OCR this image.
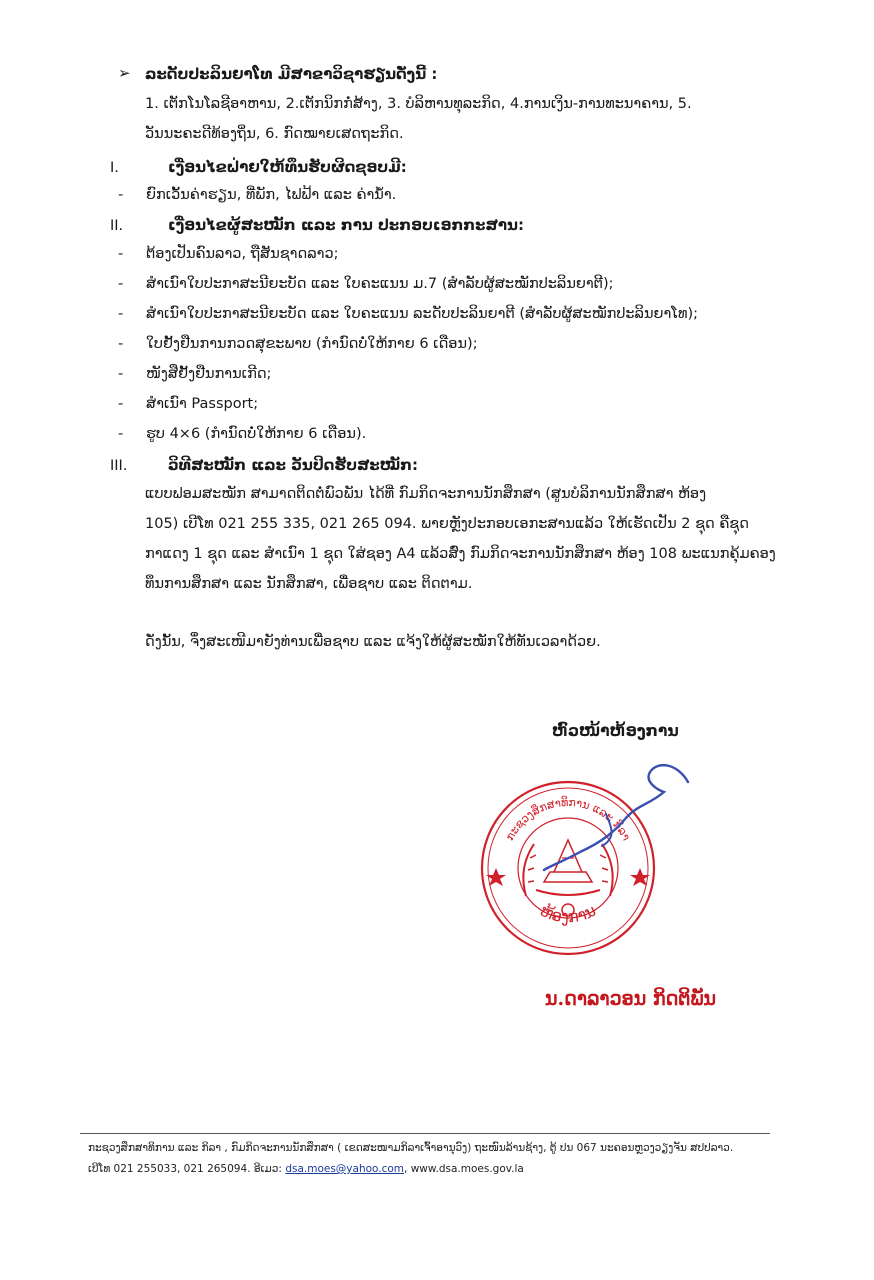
➢ ລະດັບປະລິນຍາໂທ ມີສາຂາວິຊາຮຽນດັ່ງນີ້ :
1. ເຕັກໂນໂລຊີອາຫານ, 2.ເຕັກນິກກໍ່ສ້າງ, 3. ບໍລິຫານທຸລະກິດ, 4.ການເງິນ-ການທະນາຄານ, 5.
ວັນນະຄະດີທ້ອງຖິ່ນ, 6. ກົດໝາຍເສດຖະກິດ.
I.	ເງື່ອນໄຂຝ່າຍໃຫ້ທຶນຮັບຜິດຊອບມີ:
- ຍົກເວັ້ນຄ່າຮຽນ, ທີ່ພັກ, ໄຟຟ້າ ແລະ ຄ່ານ້ຳ.
II.	ເງື່ອນໄຂຜູ້ສະໝັກ ແລະ ການ ປະກອບເອກກະສານ:
- ຕ້ອງເປັນຄົນລາວ, ຖືສັນຊາດລາວ;
- ສຳເນົາໃບປະກາສະນີຍະບັດ ແລະ ໃບຄະແນນ ມ.7 (ສຳລັບຜູ້ສະໝັກປະລິນຍາຕີ);
- ສຳເນົາໃບປະກາສະນີຍະບັດ ແລະ ໃບຄະແນນ ລະດັບປະລິນຍາຕີ (ສຳລັບຜູ້ສະໝັກປະລິນຍາໂທ);
- ໃບຢັ້ງຢືນການກວດສຸຂະພາບ (ກຳນົດບໍ່ໃຫ້ກາຍ 6 ເດືອນ);
- ໜັງສືຢັ້ງຢືນການເກີດ;
- ສຳເນົາ Passport;
- ຮູບ 4×6 (ກຳນົດບໍ່ໃຫ້ກາຍ 6 ເດືອນ).
III.	ວິທີສະໝັກ ແລະ ວັນປິດຮັບສະໝັກ:
ແບບຟອມສະໝັກ ສາມາດຕິດຕໍ່ພົວພັນ ໄດ້ທີ່ ກົມກິດຈະການນັກສຶກສາ (ສູນບໍລິການນັກສຶກສາ ຫ້ອງ
105) ເບີໂທ 021 255 335, 021 265 094. ພາຍຫຼັງປະກອບເອກະສານແລ້ວ ໃຫ້ເຮັດເປັນ 2 ຊຸດ ຄືຊຸດ
ກາແດງ 1 ຊຸດ ແລະ ສຳເນົາ 1 ຊຸດ ໃສ່ຊອງ A4 ແລ້ວສົ່ງ ກົມກິດຈະການນັກສຶກສາ ຫ້ອງ 108 ພະແນກຄຸ້ມຄອງ
ທຶນການສຶກສາ ແລະ ນັກສຶກສາ, ເພື່ອຊາບ ແລະ ຕິດຕາມ.
ດັ່ງນັ້ນ, ຈຶ່ງສະເໜີມາຍັງທ່ານເພື່ອຊາບ ແລະ ແຈ້ງໃຫ້ຜູ້ສະໝັກໃຫ້ທັນເວລາດ້ວຍ.
ຫົວໜ້າຫ້ອງການ
ກະຊວງສຶກສາທິການ ແລະ ກິລາ
ຫ້ອງການ
ນ.ດາລາວອນ ກິດຕິພັນ
ກະຊວງສຶກສາທິການ ແລະ ກິລາ , ກົມກິດຈະການນັກສຶກສາ ( ເຂດສະໜາມກິລາເຈົ້າອານຸວົງ) ຖະໜົນລ້ານຊ້າງ, ຕູ້ ປນ 067 ນະຄອນຫຼວງວຽງຈັນ ສປປລາວ.
ເບີໂທ 021 255033, 021 265094. ອີເມວ: dsa.moes@yahoo.com, www.dsa.moes.gov.la
